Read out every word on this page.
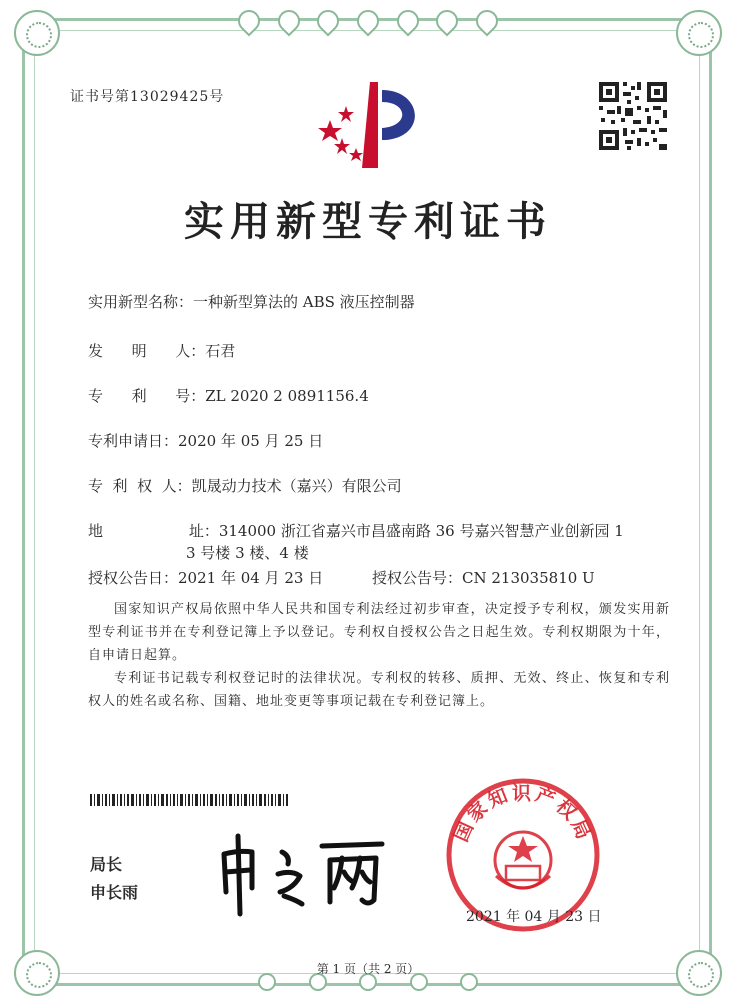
证书号第13029425号
实用新型专利证书
实用新型名称：一种新型算法的 ABS 液压控制器
发      明      人：石君
专      利      号：ZL 2020 2 0891156.4
专利申请日：2020 年 05 月 25 日
专  利  权  人：凯晟动力技术（嘉兴）有限公司
地                  址：314000 浙江省嘉兴市昌盛南路 36 号嘉兴智慧产业创新园 1
3 号楼 3 楼、4 楼
授权公告日：2021 年 04 月 23 日	授权公告号：CN 213035810 U

国家知识产权局依照中华人民共和国专利法经过初步审查，决定授予专利权，颁发实用新型专利证书并在专利登记簿上予以登记。专利权自授权公告之日起生效。专利权期限为十年，自申请日起算。

专利证书记载专利权登记时的法律状况。专利权的转移、质押、无效、终止、恢复和专利权人的姓名或名称、国籍、地址变更等事项记载在专利登记簿上。

局长
申长雨
国家知识产权局
2021 年 04 月 23 日
第 1 页（共 2 页）
